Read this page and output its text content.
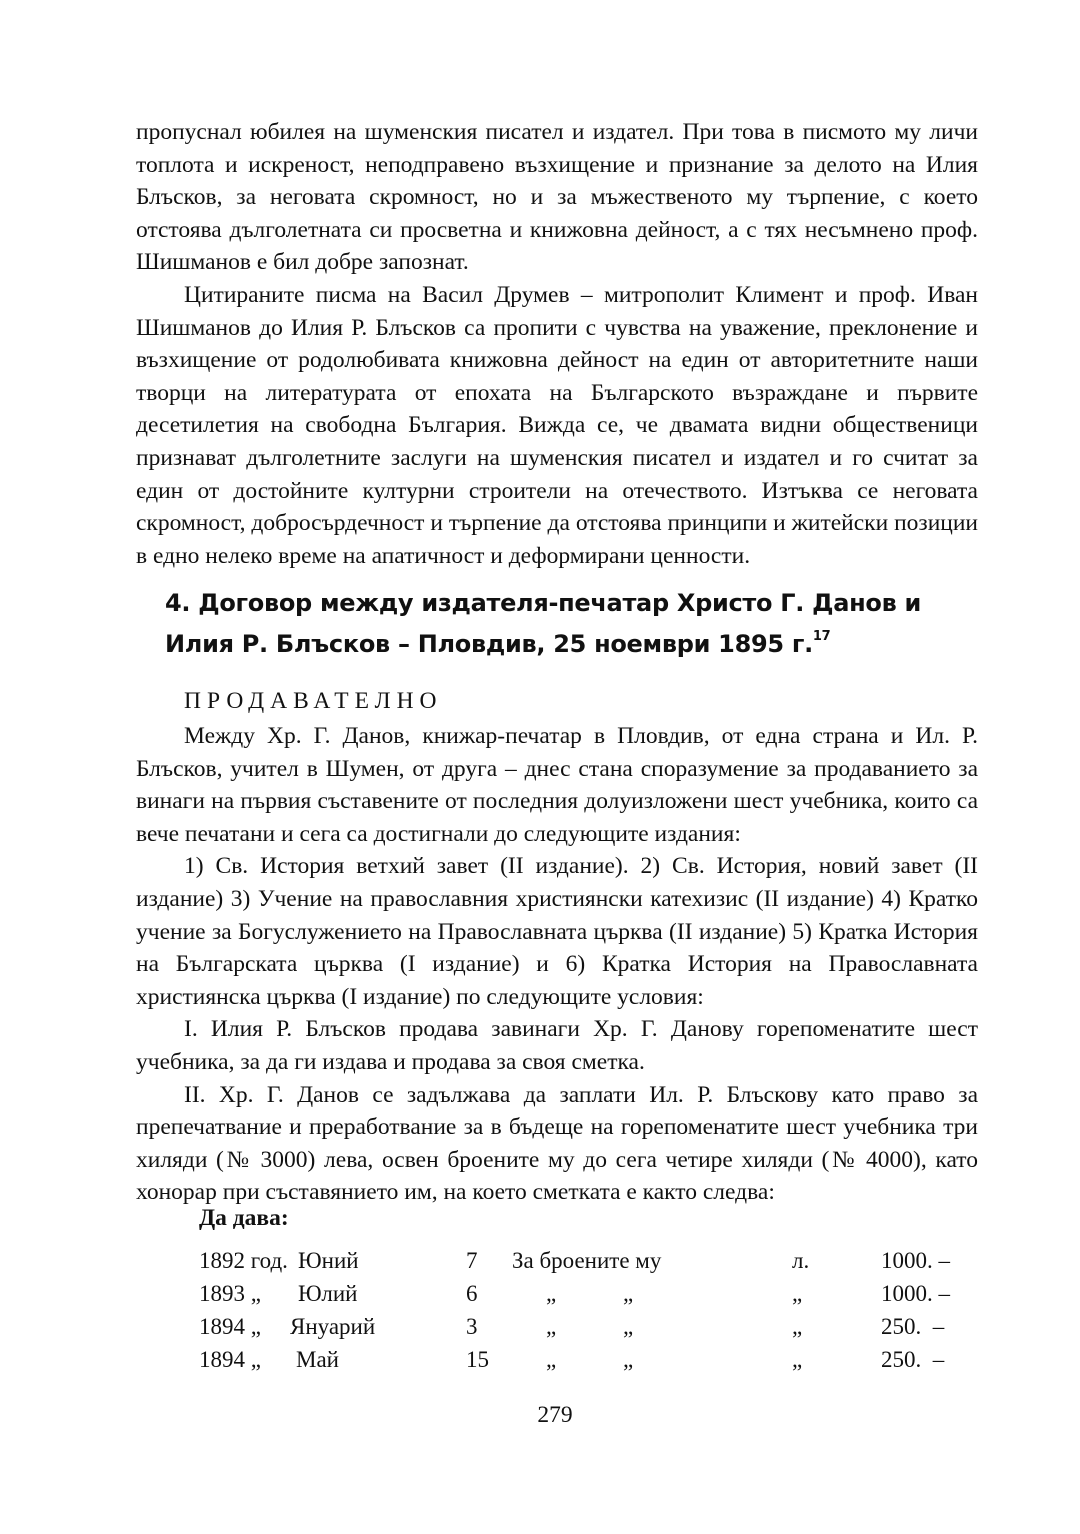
пропуснал юбилея на шуменския писател и издател. При това в писмото му личи топлота и искреност, неподправено възхищение и признание за делото на Илия Блъсков, за неговата скромност, но и за мъжественото му търпение, с което отстоява дълголетната си просветна и книжовна дейност, а с тях несъмнено проф. Шишманов е бил добре запознат.

Цитираните писма на Васил Друмев – митрополит Климент и проф. Иван Шишманов до Илия Р. Блъсков са пропити с чувства на уважение, преклонение и възхищение от родолюбивата книжовна дейност на един от авторитетните наши творци на литературата от епохата на Българското възраждане и първите десетилетия на свободна България. Вижда се, че двамата видни общественици признават дълголетните заслуги на шуменския писател и издател и го считат за един от достойните културни строители на отечеството. Изтъква се неговата скромност, добросърдечност и търпение да отстоява принципи и житейски позиции в едно нелеко време на апатичност и деформирани ценности.

4. Договор между издателя-печатар Христо Г. Данов и
Илия Р. Блъсков – Пловдив, 25 ноември 1895 г.$^{17}$

ПРОДАВАТЕЛНО

Между Хр. Г. Данов, книжар-печатар в Пловдив, от една страна и Ил. Р. Блъсков, учител в Шумен, от друга – днес стана споразумение за продаванието за винаги на първия съставените от последния долуизложени шест учебника, които са вече печатани и сега са достигнали до следующите издания:

1) Св. История ветхий завет (II издание). 2) Св. История, новий завет (II издание) 3) Учение на православния християнски катехизис (II издание) 4) Кратко учение за Богуслужението на Православната църква (II издание) 5) Кратка История на Българската църква (I издание) и 6) Кратка История на Православната християнска църква (I издание) по следующите условия:

I. Илия Р. Блъсков продава завинаги Хр. Г. Данову горепоменатите шест учебника, за да ги издава и продава за своя сметка.

II. Хр. Г. Данов се задължава да заплати Ил. Р. Блъскову като право за препечатвание и преработвание за в бъдеще на горепоменатите шест учебника три хиляди (№ 3000) лева, освен броените му до сега четире хиляди (№ 4000), като хонорар при съставянието им, на което сметката е както следва:

Да дава:

1892 год. Юний	7 За броените му	л.	1000. –
1893 „ Юлий	6	„	„	„	1000. –
1894 „ Януарий	3	„	„	„	250.  –
1894 „ Май	15 „	„	„	250.  –
279
